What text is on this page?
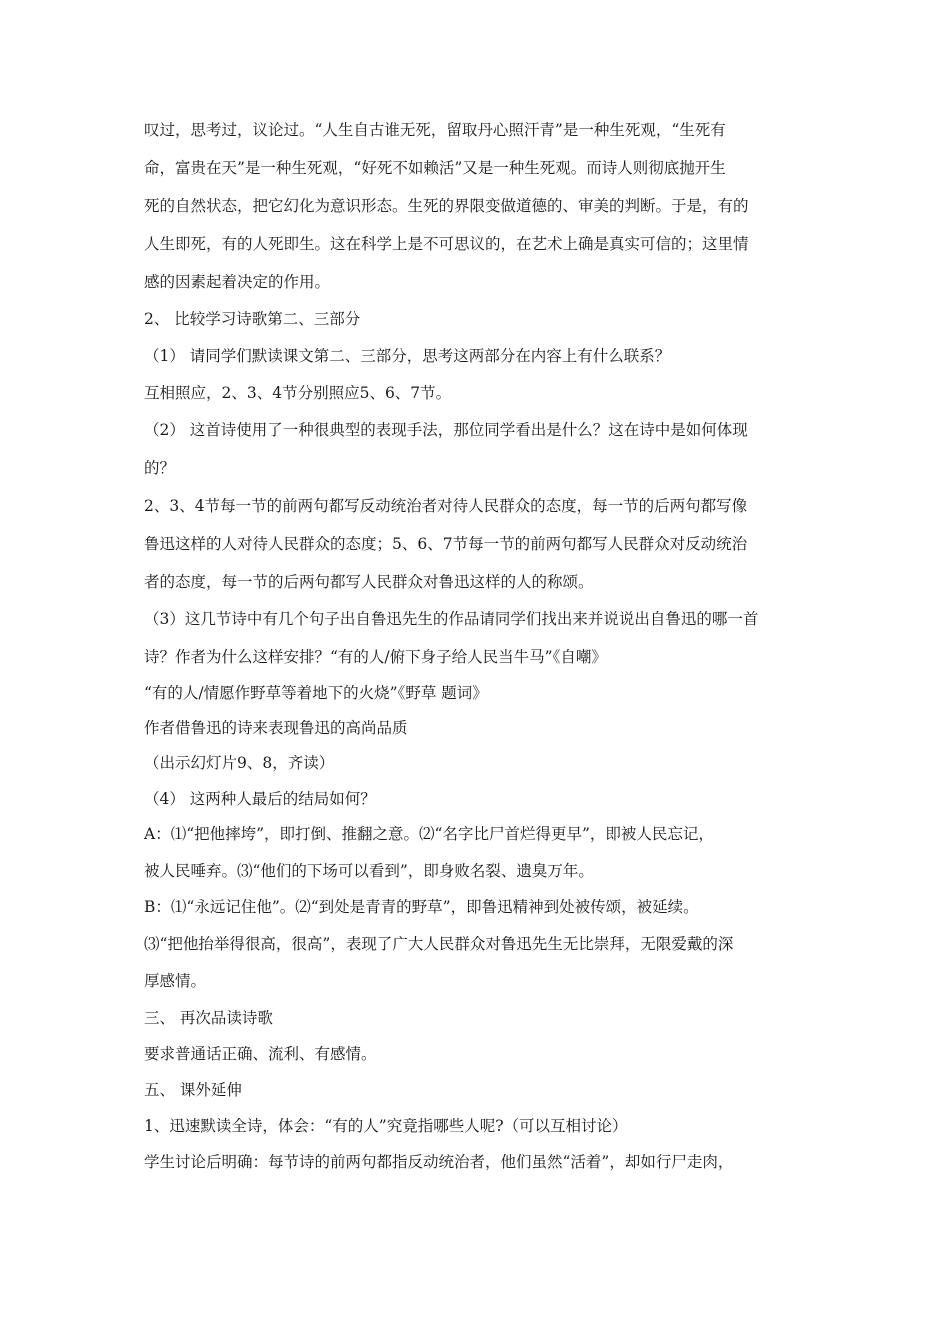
叹过，思考过，议论过。“人生自古谁无死，留取丹心照汗青”是一种生死观，“生死有
命，富贵在天”是一种生死观，“好死不如赖活”又是一种生死观。而诗人则彻底抛开生
死的自然状态，把它幻化为意识形态。生死的界限变做道德的、审美的判断。于是，有的
人生即死，有的人死即生。这在科学上是不可思议的，在艺术上确是真实可信的；这里情
感的因素起着决定的作用。
2、 比较学习诗歌第二、三部分
（1） 请同学们默读课文第二、三部分，思考这两部分在内容上有什么联系？
互相照应，2、3、4节分别照应5、6、7节。
（2） 这首诗使用了一种很典型的表现手法，那位同学看出是什么？这在诗中是如何体现
的？
2、3、4节每一节的前两句都写反动统治者对待人民群众的态度，每一节的后两句都写像
鲁迅这样的人对待人民群众的态度；5、6、7节每一节的前两句都写人民群众对反动统治
者的态度，每一节的后两句都写人民群众对鲁迅这样的人的称颂。
（3）这几节诗中有几个句子出自鲁迅先生的作品请同学们找出来并说说出自鲁迅的哪一首
诗？作者为什么这样安排？“有的人/俯下身子给人民当牛马”《自嘲》
“有的人/情愿作野草等着地下的火烧”《野草 题词》
作者借鲁迅的诗来表现鲁迅的高尚品质
（出示幻灯片9、8，齐读）
（4） 这两种人最后的结局如何？
A：⑴“把他摔垮”，即打倒、推翻之意。⑵“名字比尸首烂得更早”，即被人民忘记，
被人民唾弃。⑶“他们的下场可以看到”，即身败名裂、遗臭万年。
B：⑴“永远记住他”。⑵“到处是青青的野草”，即鲁迅精神到处被传颂，被延续。
⑶“把他抬举得很高，很高”，表现了广大人民群众对鲁迅先生无比崇拜，无限爱戴的深
厚感情。
三、 再次品读诗歌
要求普通话正确、流利、有感情。
五、 课外延伸
1、迅速默读全诗，体会：“有的人”究竟指哪些人呢?（可以互相讨论）
学生讨论后明确：每节诗的前两句都指反动统治者，他们虽然“活着”，却如行尸走肉，
